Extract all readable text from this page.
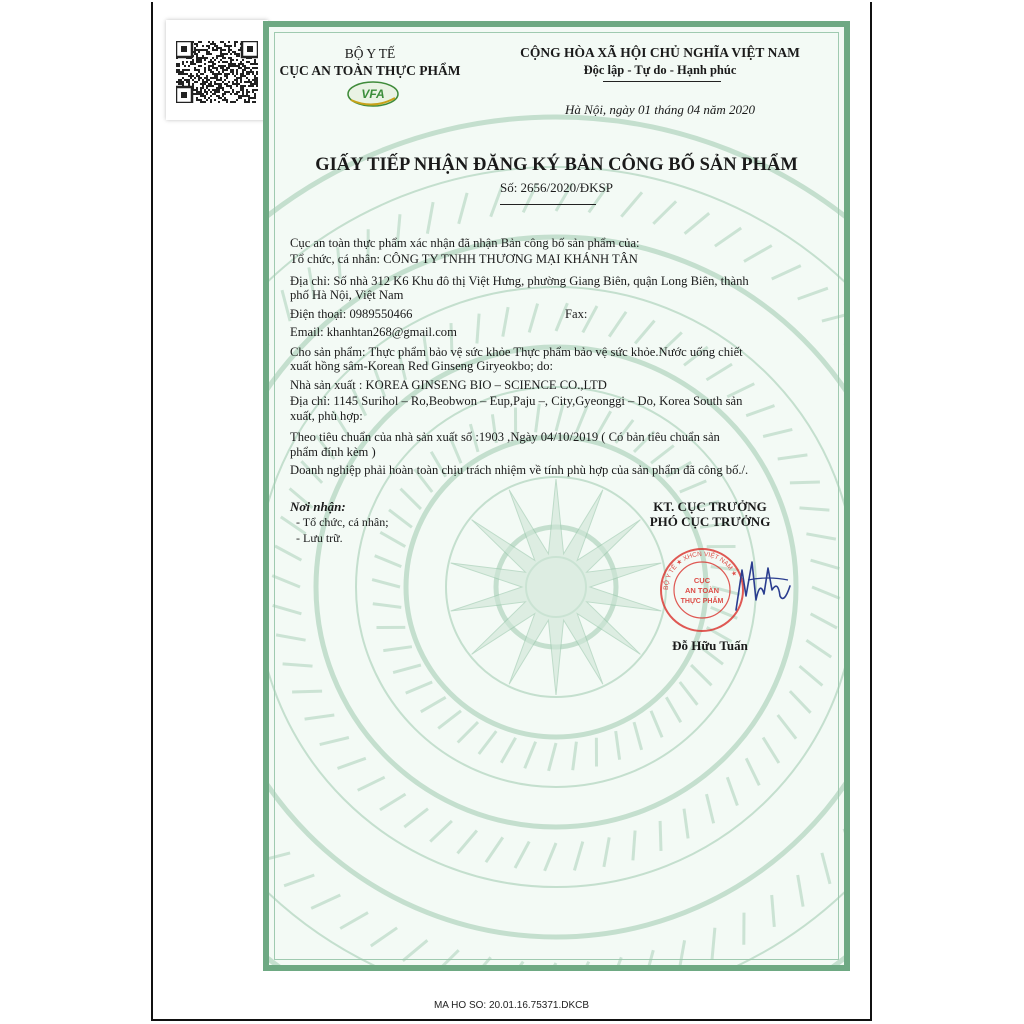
BỘ Y TẾ
CỤC AN TOÀN THỰC PHẨM
VFA
CỘNG HÒA XÃ HỘI CHỦ NGHĨA VIỆT NAM
Độc lập - Tự do - Hạnh phúc
Hà Nội, ngày 01 tháng 04 năm 2020
GIẤY TIẾP NHẬN ĐĂNG KÝ BẢN CÔNG BỐ SẢN PHẨM
Số: 2656/2020/ĐKSP
Cục an toàn thực phẩm xác nhận đã nhận Bản công bố sản phẩm của:
Tổ chức, cá nhân: CÔNG TY TNHH THƯƠNG MẠI KHÁNH TÂN
Địa chỉ: Số nhà 312 K6 Khu đô thị Việt Hưng, phường Giang Biên, quận Long Biên, thành
phố Hà Nội, Việt Nam
Điện thoại: 0989550466	Fax:
Email: khanhtan268@gmail.com
Cho sản phẩm: Thực phẩm bảo vệ sức khỏe Thực phẩm bảo vệ sức khỏe.Nước uống chiết
xuất hồng sâm-Korean Red Ginseng Giryeokbo; do:
Nhà sản xuất : KOREA GINSENG BIO – SCIENCE CO.,LTD
Địa chỉ: 1145 Surihol – Ro,Beobwon – Eup,Paju –, City,Gyeonggi – Do, Korea South sản
xuất, phù hợp:
Theo tiêu chuẩn của nhà sản xuất số :1903 ,Ngày 04/10/2019 ( Có bản tiêu chuẩn sản
phẩm đính kèm )
Doanh nghiệp phải hoàn toàn chịu trách nhiệm về tính phù hợp của sản phẩm đã công bố./.
Nơi nhận:
- Tổ chức, cá nhân;
- Lưu trữ.
KT. CỤC TRƯỞNG
PHÓ CỤC TRƯỞNG
BỘ Y TẾ ★ XHCN VIỆT NAM ★
CỤC
AN TOÀN
THỰC PHẨM
Đỗ Hữu Tuấn
MA HO SO: 20.01.16.75371.DKCB
